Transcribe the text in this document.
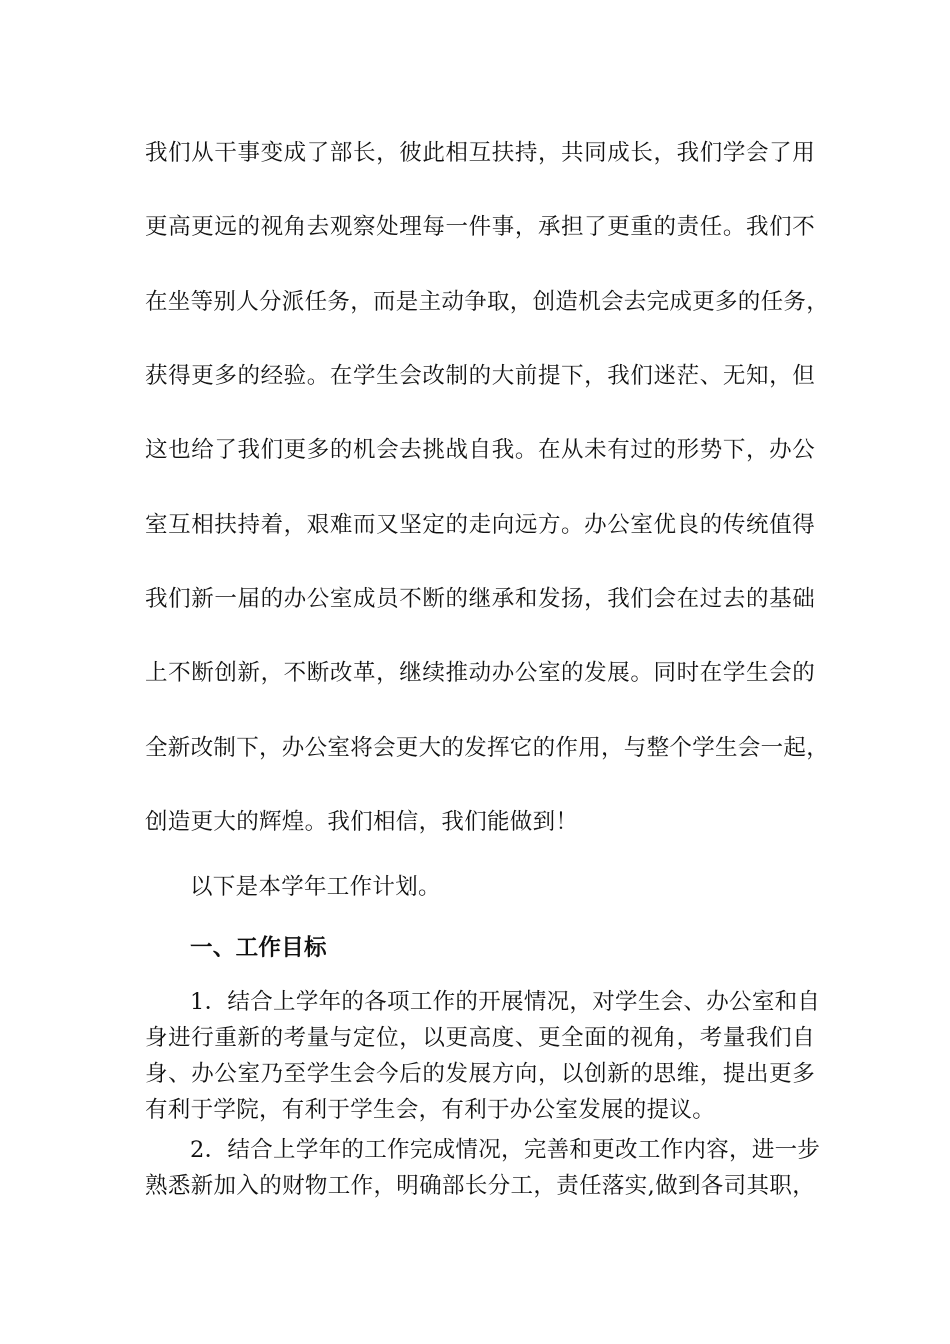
我们从干事变成了部长，彼此相互扶持，共同成长，我们学会了用
更高更远的视角去观察处理每一件事，承担了更重的责任。我们不
在坐等别人分派任务，而是主动争取，创造机会去完成更多的任务，
获得更多的经验。在学生会改制的大前提下，我们迷茫、无知，但
这也给了我们更多的机会去挑战自我。在从未有过的形势下，办公
室互相扶持着，艰难而又坚定的走向远方。办公室优良的传统值得
我们新一届的办公室成员不断的继承和发扬，我们会在过去的基础
上不断创新，不断改革，继续推动办公室的发展。同时在学生会的
全新改制下，办公室将会更大的发挥它的作用，与整个学生会一起，
创造更大的辉煌。我们相信，我们能做到！
以下是本学年工作计划。
一、工作目标
1．结合上学年的各项工作的开展情况，对学生会、办公室和自
身进行重新的考量与定位，以更高度、更全面的视角，考量我们自
身、办公室乃至学生会今后的发展方向，以创新的思维，提出更多
有利于学院，有利于学生会，有利于办公室发展的提议。
2．结合上学年的工作完成情况，完善和更改工作内容，进一步
熟悉新加入的财物工作，明确部长分工，责任落实,做到各司其职，
